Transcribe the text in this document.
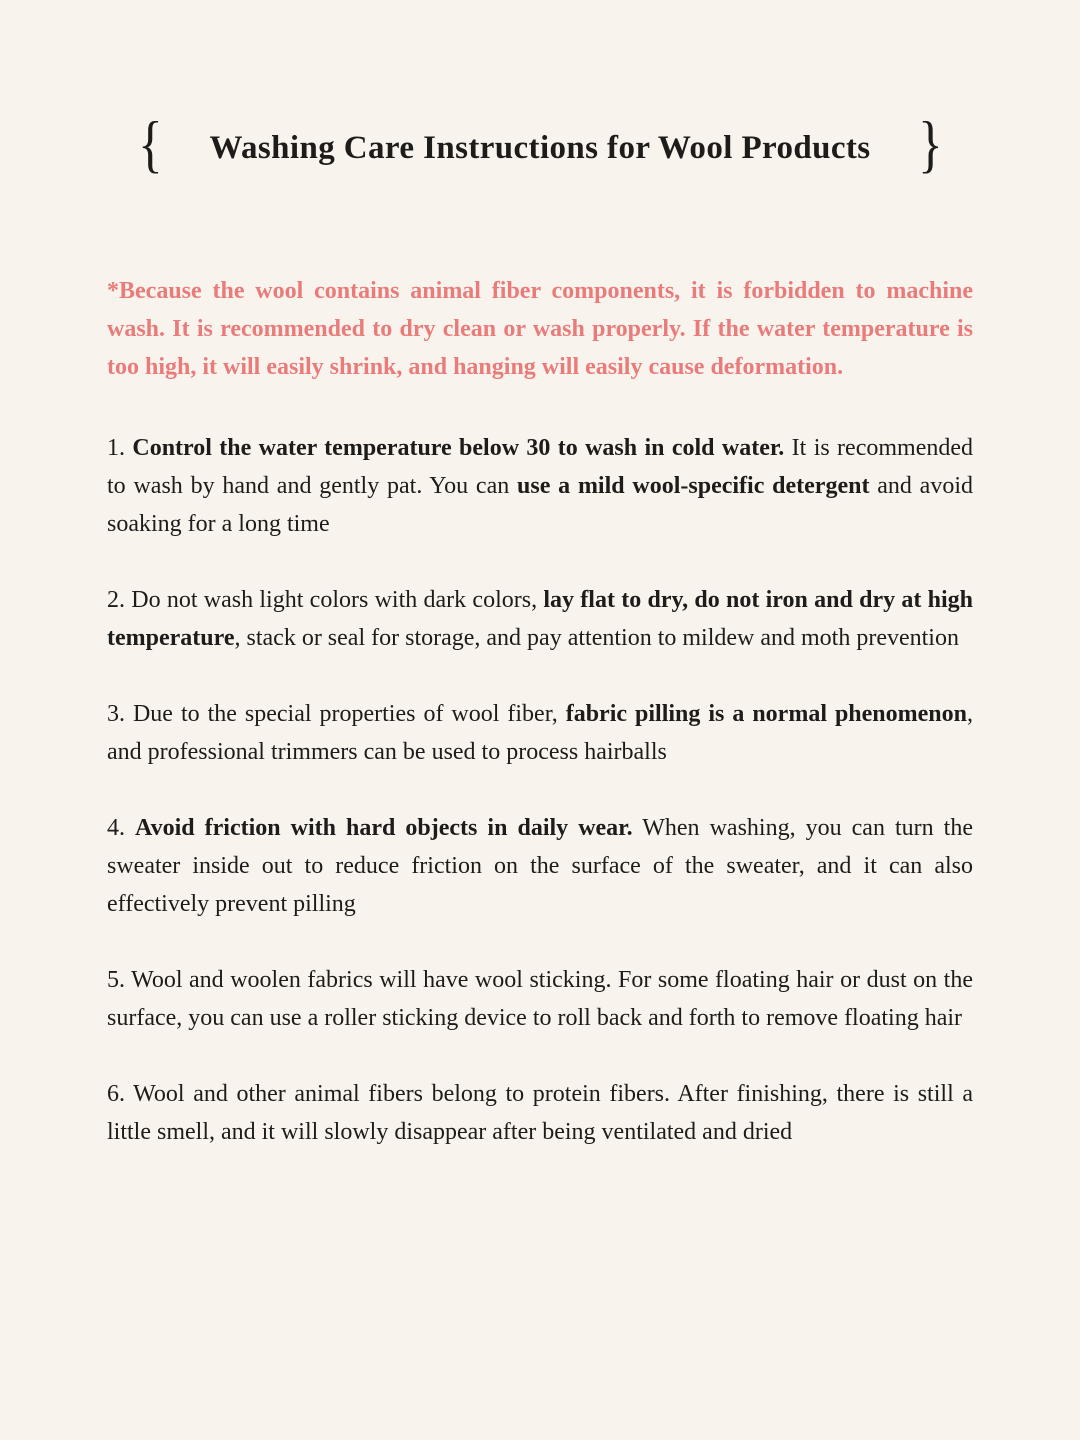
{ Washing Care Instructions for Wool Products }

*Because the wool contains animal fiber components, it is forbidden to machine wash. It is recommended to dry clean or wash properly. If the water temperature is too high, it will easily shrink, and hanging will easily cause deformation.

1. Control the water temperature below 30 to wash in cold water. It is recommended to wash by hand and gently pat. You can use a mild wool-specific detergent and avoid soaking for a long time

2. Do not wash light colors with dark colors, lay flat to dry, do not iron and dry at high temperature, stack or seal for storage, and pay attention to mildew and moth prevention

3. Due to the special properties of wool fiber, fabric pilling is a normal phenomenon, and professional trimmers can be used to process hairballs

4. Avoid friction with hard objects in daily wear. When washing, you can turn the sweater inside out to reduce friction on the surface of the sweater, and it can also effectively prevent pilling

5. Wool and woolen fabrics will have wool sticking. For some floating hair or dust on the surface, you can use a roller sticking device to roll back and forth to remove floating hair

6. Wool and other animal fibers belong to protein fibers. After finishing, there is still a little smell, and it will slowly disappear after being ventilated and dried
